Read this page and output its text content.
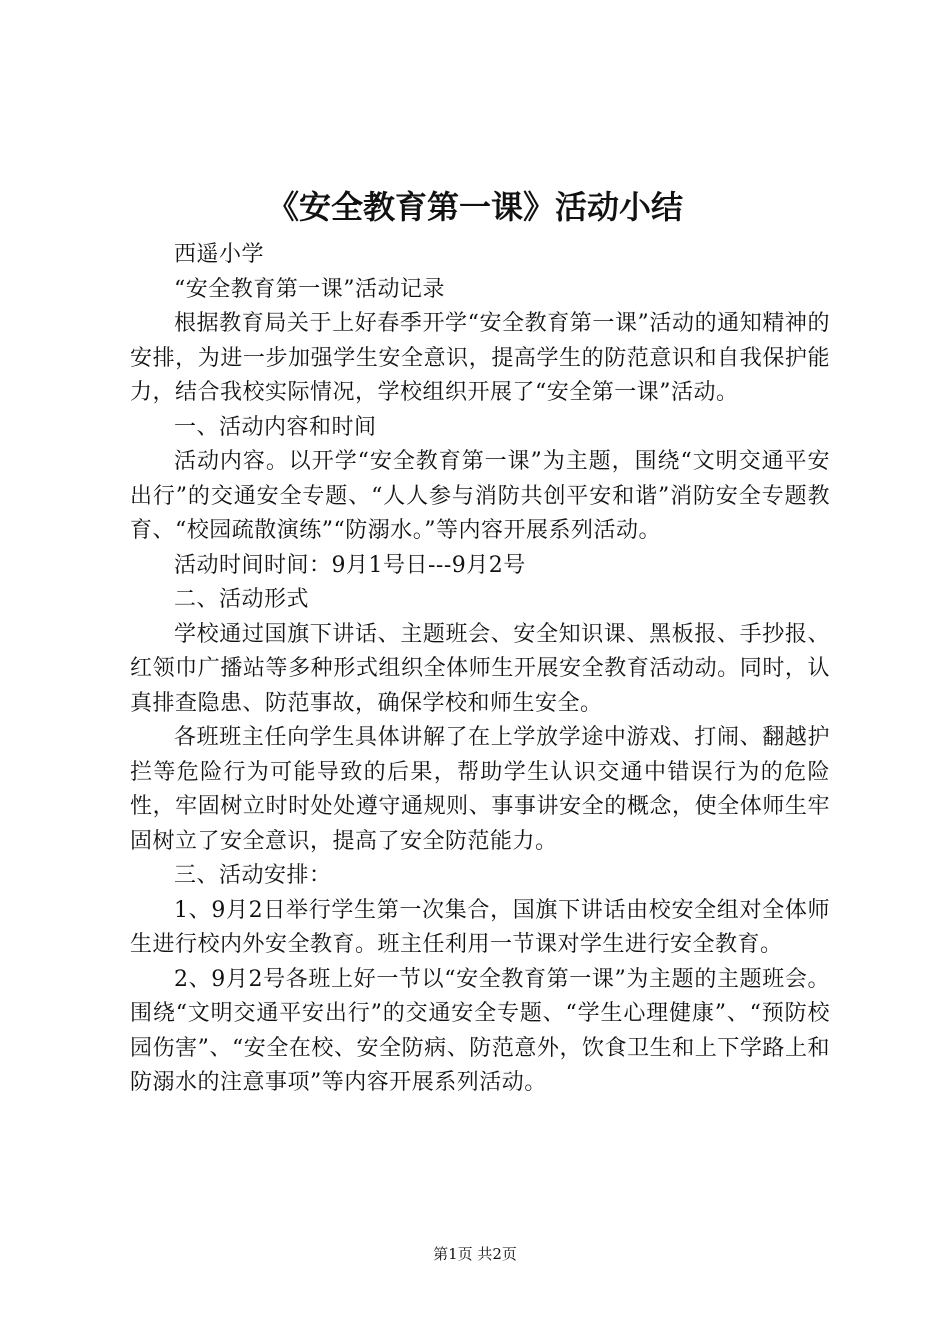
《安全教育第一课》活动小结

西遥小学

“安全教育第一课”活动记录

根据教育局关于上好春季开学“安全教育第一课”活动的通知精神的安排，为进一步加强学生安全意识，提高学生的防范意识和自我保护能力，结合我校实际情况，学校组织开展了“安全第一课”活动。

一、活动内容和时间

活动内容。以开学“安全教育第一课”为主题，围绕“文明交通平安出行”的交通安全专题、“人人参与消防共创平安和谐”消防安全专题教育、“校园疏散演练”“防溺水。”等内容开展系列活动。

活动时间时间：9月1号日---9月2号

二、活动形式

学校通过国旗下讲话、主题班会、安全知识课、黑板报、手抄报、红领巾广播站等多种形式组织全体师生开展安全教育活动动。同时，认真排查隐患、防范事故，确保学校和师生安全。

各班班主任向学生具体讲解了在上学放学途中游戏、打闹、翻越护拦等危险行为可能导致的后果，帮助学生认识交通中错误行为的危险性，牢固树立时时处处遵守通规则、事事讲安全的概念，使全体师生牢固树立了安全意识，提高了安全防范能力。

三、活动安排：

1、9月2日举行学生第一次集合，国旗下讲话由校安全组对全体师生进行校内外安全教育。班主任利用一节课对学生进行安全教育。

2、9月2号各班上好一节以“安全教育第一课”为主题的主题班会。围绕“文明交通平安出行”的交通安全专题、“学生心理健康”、“预防校园伤害”、“安全在校、安全防病、防范意外，饮食卫生和上下学路上和防溺水的注意事项”等内容开展系列活动。

第1页 共2页
